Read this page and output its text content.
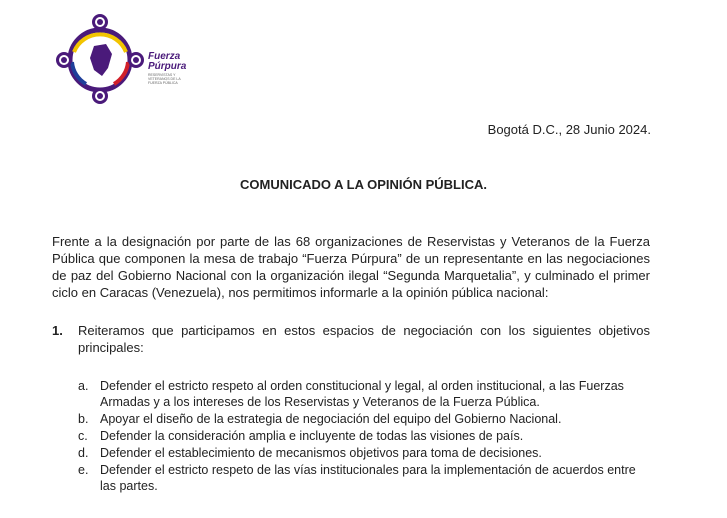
Fuerza
Púrpura
RESERVISTAS Y VETERANOS DE LA FUERZA PÚBLICA
Bogotá D.C., 28 Junio 2024.
COMUNICADO A LA OPINIÓN PÚBLICA.

Frente a la designación por parte de las 68 organizaciones de Reservistas y Veteranos de la Fuerza Pública que componen la mesa de trabajo “Fuerza Púrpura” de un representante en las negociaciones de paz del Gobierno Nacional con la organización ilegal “Segunda Marquetalia”, y culminado el primer ciclo en Caracas (Venezuela), nos permitimos informarle a la opinión pública nacional:

1. Reiteramos que participamos en estos espacios de negociación con los siguientes objetivos principales:
a. Defender el estricto respeto al orden constitucional y legal, al orden institucional, a las Fuerzas Armadas y a los intereses de los Reservistas y Veteranos de la Fuerza Pública.
b. Apoyar el diseño de la estrategia de negociación del equipo del Gobierno Nacional.
c. Defender la consideración amplia e incluyente de todas las visiones de país.
d. Defender el establecimiento de mecanismos objetivos para toma de decisiones.
e. Defender el estricto respeto de las vías institucionales para la implementación de acuerdos entre las partes.
